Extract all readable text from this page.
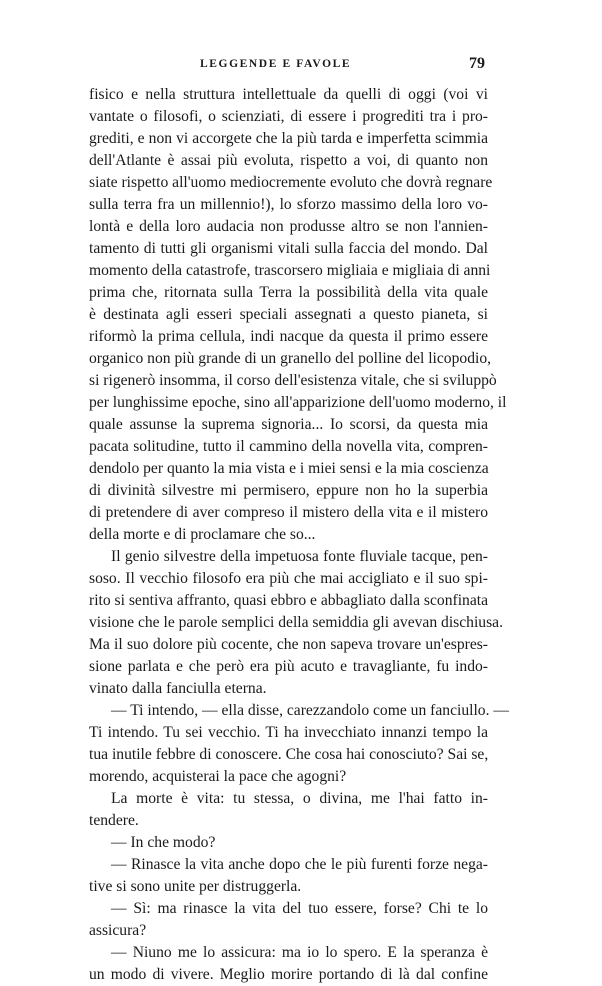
LEGGENDE E FAVOLE	79
fisico e nella struttura intellettuale da quelli di oggi (voi vi
vantate o filosofi, o scienziati, di essere i progrediti tra i pro-
grediti, e non vi accorgete che la più tarda e imperfetta scimmia
dell'Atlante è assai più evoluta, rispetto a voi, di quanto non
siate rispetto all'uomo mediocremente evoluto che dovrà regnare
sulla terra fra un millennio!), lo sforzo massimo della loro vo-
lontà e della loro audacia non produsse altro se non l'annien-
tamento di tutti gli organismi vitali sulla faccia del mondo. Dal
momento della catastrofe, trascorsero migliaia e migliaia di anni
prima che, ritornata sulla Terra la possibilità della vita quale
è destinata agli esseri speciali assegnati a questo pianeta, si
riformò la prima cellula, indi nacque da questa il primo essere
organico non più grande di un granello del polline del licopodio,
si rigenerò insomma, il corso dell'esistenza vitale, che si sviluppò
per lunghissime epoche, sino all'apparizione dell'uomo moderno, il
quale assunse la suprema signoria... Io scorsi, da questa mia
pacata solitudine, tutto il cammino della novella vita, compren-
dendolo per quanto la mia vista e i miei sensi e la mia coscienza
di divinità silvestre mi permisero, eppure non ho la superbia
di pretendere di aver compreso il mistero della vita e il mistero
della morte e di proclamare che so...
Il genio silvestre della impetuosa fonte fluviale tacque, pen-
soso. Il vecchio filosofo era più che mai accigliato e il suo spi-
rito si sentiva affranto, quasi ebbro e abbagliato dalla sconfinata
visione che le parole semplici della semiddia gli avevan dischiusa.
Ma il suo dolore più cocente, che non sapeva trovare un'espres-
sione parlata e che però era più acuto e travagliante, fu indo-
vinato dalla fanciulla eterna.
— Ti intendo, — ella disse, carezzandolo come un fanciullo. —
Ti intendo. Tu sei vecchio. Ti ha invecchiato innanzi tempo la
tua inutile febbre di conoscere. Che cosa hai conosciuto? Sai se,
morendo, acquisterai la pace che agogni?
La morte è vita: tu stessa, o divina, me l'hai fatto in-
tendere.
— In che modo?
— Rinasce la vita anche dopo che le più furenti forze nega-
tive si sono unite per distruggerla.
— Sì: ma rinasce la vita del tuo essere, forse? Chi te lo
assicura?
— Niuno me lo assicura: ma io lo spero. E la speranza è
un modo di vivere. Meglio morire portando di là dal confine
